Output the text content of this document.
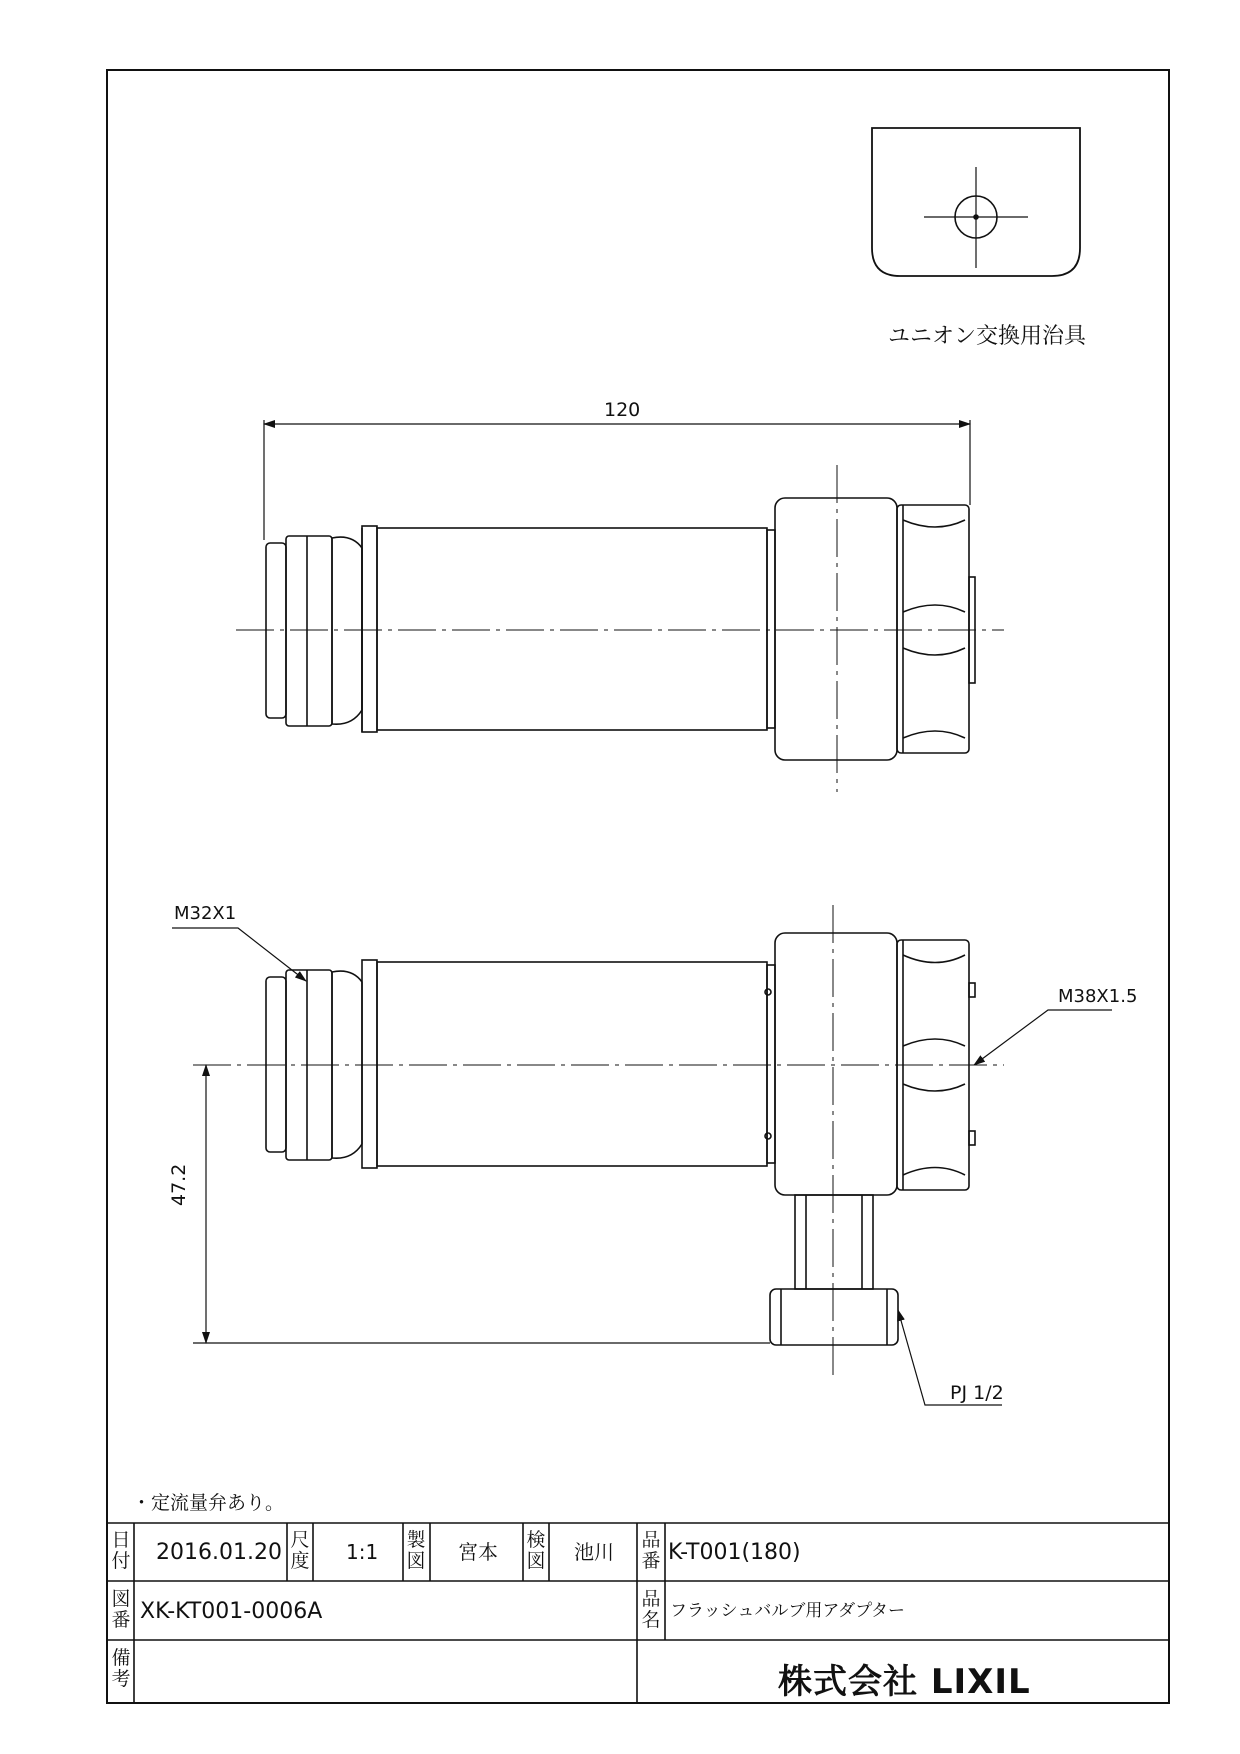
ユニオン交換用治具
120
47.2
M32X1
M38X1.5
PJ 1/2
・定流量弁あり。
日
付 2016.01.20 尺
度 1:1 製
図 宮本 検
図 池川 品
番 K-T001(180)
図
番 XK-KT001-0006A	品
名 フラッシュバルブ用アダプター
備
考	株式会社 LIXIL
